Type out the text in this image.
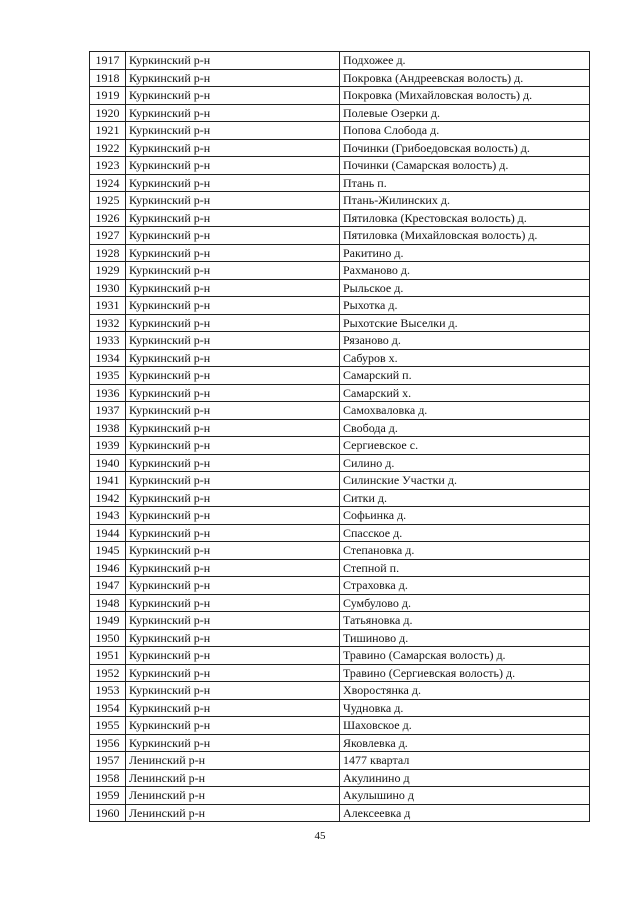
1917	Куркинский р-н	Подхожее д.
1918	Куркинский р-н	Покровка (Андреевская волость) д.
1919	Куркинский р-н	Покровка (Михайловская волость) д.
1920	Куркинский р-н	Полевые Озерки д.
1921	Куркинский р-н	Попова Слобода д.
1922	Куркинский р-н	Починки (Грибоедовская волость) д.
1923	Куркинский р-н	Починки (Самарская волость) д.
1924	Куркинский р-н	Птань п.
1925	Куркинский р-н	Птань-Жилинских д.
1926	Куркинский р-н	Пятиловка (Крестовская волость) д.
1927	Куркинский р-н	Пятиловка (Михайловская волость) д.
1928	Куркинский р-н	Ракитино д.
1929	Куркинский р-н	Рахманово д.
1930	Куркинский р-н	Рыльское д.
1931	Куркинский р-н	Рыхотка д.
1932	Куркинский р-н	Рыхотские Выселки д.
1933	Куркинский р-н	Рязаново д.
1934	Куркинский р-н	Сабуров х.
1935	Куркинский р-н	Самарский п.
1936	Куркинский р-н	Самарский х.
1937	Куркинский р-н	Самохваловка д.
1938	Куркинский р-н	Свобода д.
1939	Куркинский р-н	Сергиевское с.
1940	Куркинский р-н	Силино д.
1941	Куркинский р-н	Силинские Участки д.
1942	Куркинский р-н	Ситки д.
1943	Куркинский р-н	Софьинка д.
1944	Куркинский р-н	Спасское д.
1945	Куркинский р-н	Степановка д.
1946	Куркинский р-н	Степной п.
1947	Куркинский р-н	Страховка д.
1948	Куркинский р-н	Сумбулово д.
1949	Куркинский р-н	Татьяновка д.
1950	Куркинский р-н	Тишиново д.
1951	Куркинский р-н	Травино (Самарская волость) д.
1952	Куркинский р-н	Травино (Сергиевская волость) д.
1953	Куркинский р-н	Хворостянка д.
1954	Куркинский р-н	Чудновка д.
1955	Куркинский р-н	Шаховское д.
1956	Куркинский р-н	Яковлевка д.
1957	Ленинский р-н	1477 квартал
1958	Ленинский р-н	Акулинино д
1959	Ленинский р-н	Акулышино д
1960	Ленинский р-н	Алексеевка д
45
